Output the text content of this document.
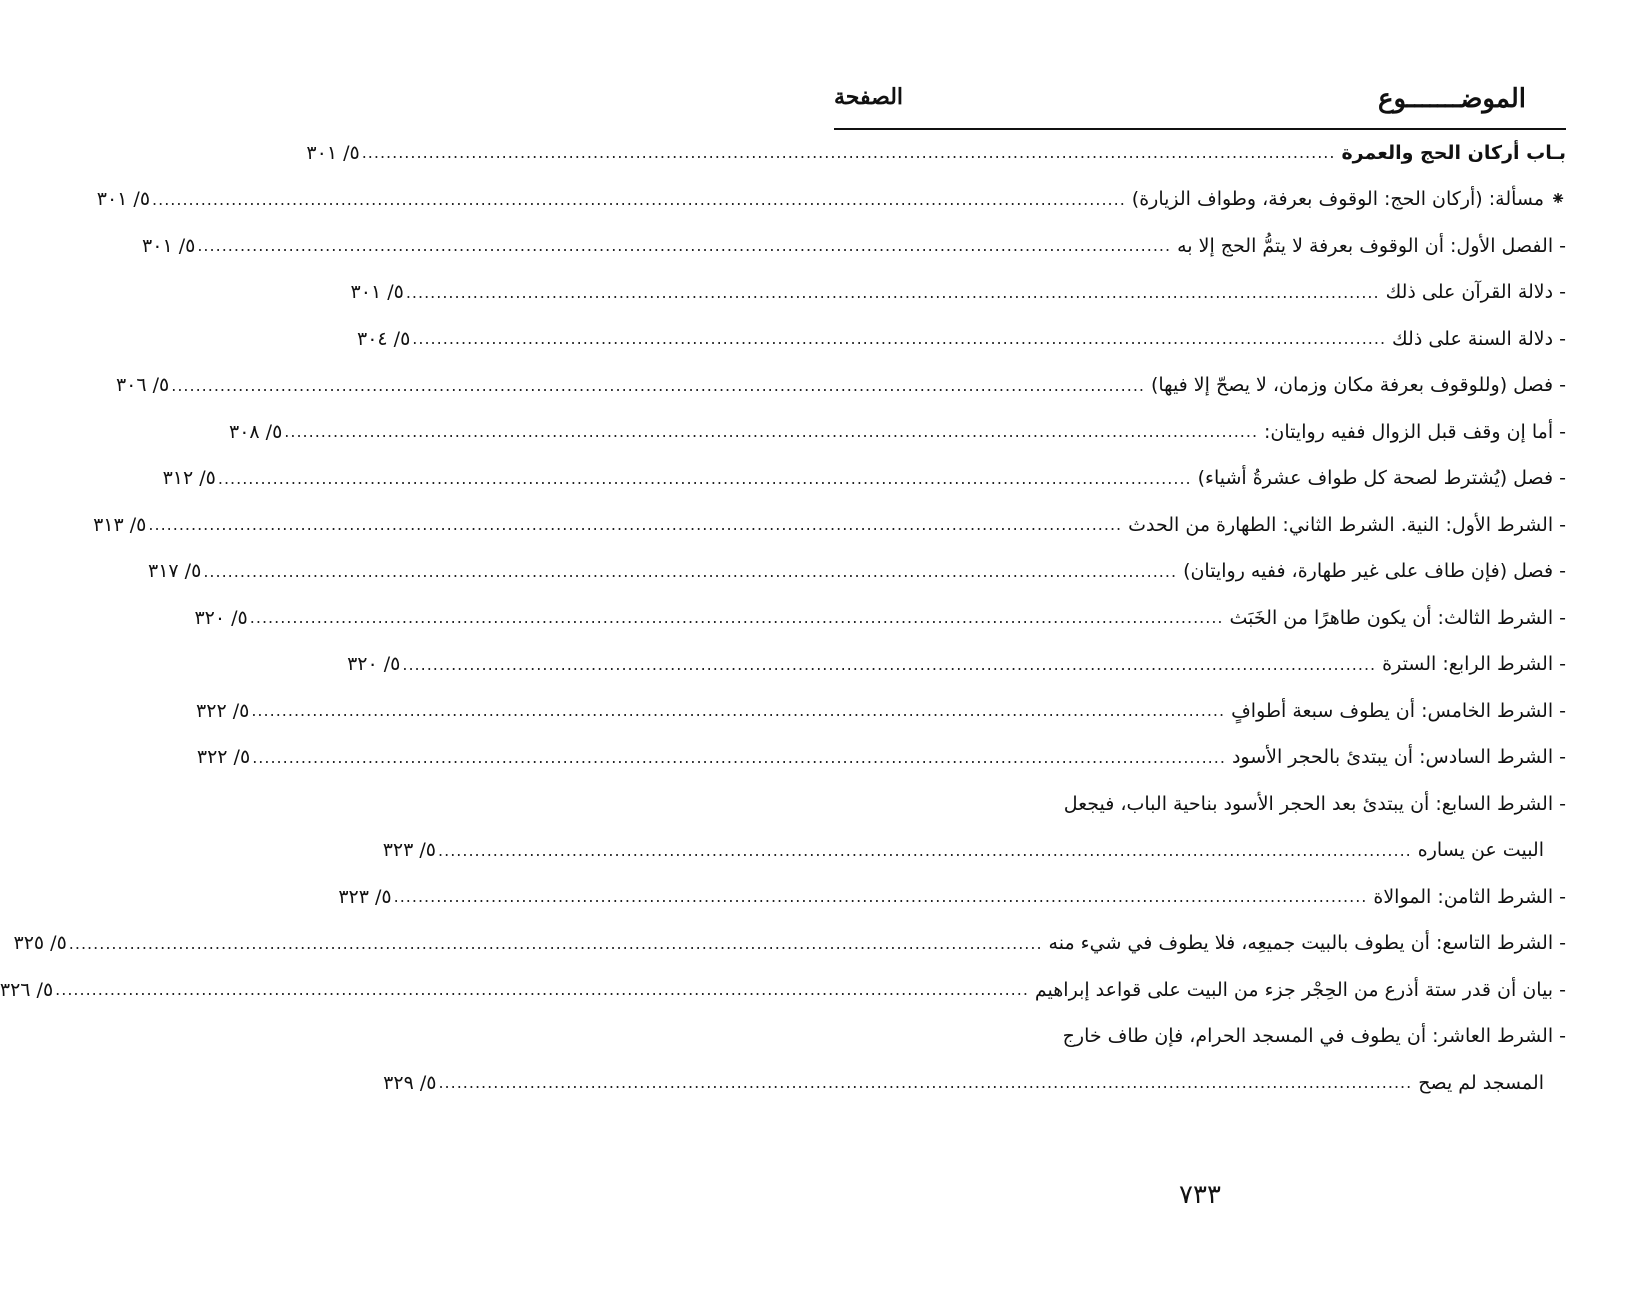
الموضـــــــوع
الصفحة
بـاب أركان الحج والعمرة
................................................................................................................................................................
٥/ ٣٠١
⁕ مسألة: (أركان الحج: الوقوف بعرفة، وطواف الزيارة)
................................................................................................................................................................
٥/ ٣٠١
- الفصل الأول: أن الوقوف بعرفة لا يتمُّ الحج إلا به
................................................................................................................................................................
٥/ ٣٠١
- دلالة القرآن على ذلك
................................................................................................................................................................
٥/ ٣٠١
- دلالة السنة على ذلك
................................................................................................................................................................
٥/ ٣٠٤
- فصل (وللوقوف بعرفة مكان وزمان، لا يصحّ إلا فيها)
................................................................................................................................................................
٥/ ٣٠٦
- أما إن وقف قبل الزوال ففيه روايتان:
................................................................................................................................................................
٥/ ٣٠٨
- فصل (يُشترط لصحة كل طواف عشرةُ أشياء)
................................................................................................................................................................
٥/ ٣١٢
- الشرط الأول: النية. الشرط الثاني: الطهارة من الحدث
................................................................................................................................................................
٥/ ٣١٣
- فصل (فإن طاف على غير طهارة، ففيه روايتان)
................................................................................................................................................................
٥/ ٣١٧
- الشرط الثالث: أن يكون طاهرًا من الخَبَث
................................................................................................................................................................
٥/ ٣٢٠
- الشرط الرابع: السترة
................................................................................................................................................................
٥/ ٣٢٠
- الشرط الخامس: أن يطوف سبعة أطوافٍ
................................................................................................................................................................
٥/ ٣٢٢
- الشرط السادس: أن يبتدئ بالحجر الأسود
................................................................................................................................................................
٥/ ٣٢٢
- الشرط السابع: أن يبتدئ بعد الحجر الأسود بناحية الباب، فيجعل
البيت عن يساره
................................................................................................................................................................
٥/ ٣٢٣
- الشرط الثامن: الموالاة
................................................................................................................................................................
٥/ ٣٢٣
- الشرط التاسع: أن يطوف بالبيت جميعِه، فلا يطوف في شيء منه
................................................................................................................................................................
٥/ ٣٢٥
- بيان أن قدر ستة أذرع من الحِجْر جزء من البيت على قواعد إبراهيم
................................................................................................................................................................
٥/ ٣٢٦
- الشرط العاشر: أن يطوف في المسجد الحرام، فإن طاف خارج
المسجد لم يصح
................................................................................................................................................................
٥/ ٣٢٩
٧٣٣
